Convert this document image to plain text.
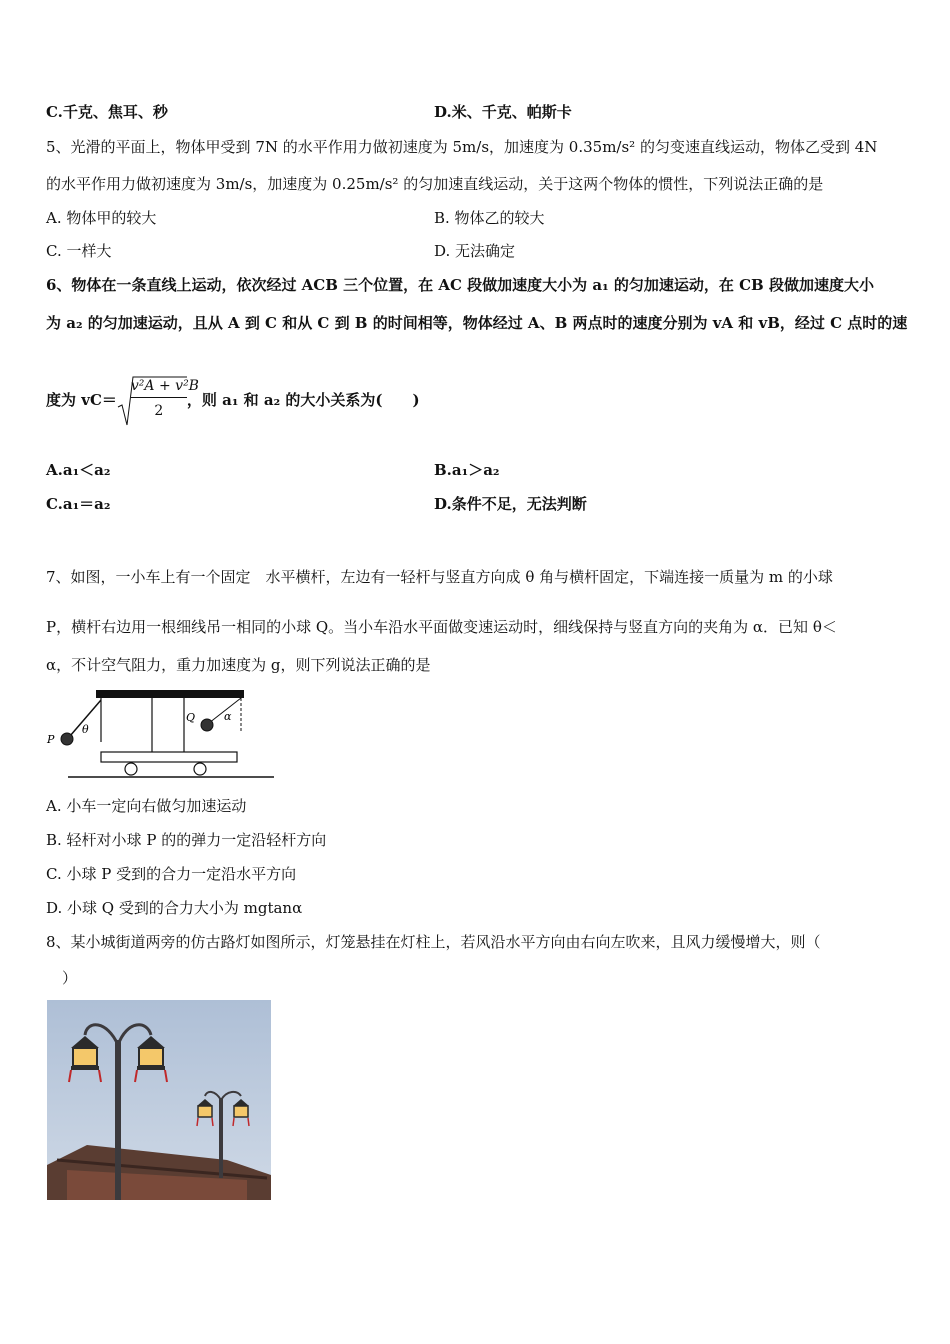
C.千克、焦耳、秒	D.米、千克、帕斯卡
5、光滑的平面上，物体甲受到 7N 的水平作用力做初速度为 5m/s，加速度为 0.35m/s² 的匀变速直线运动，物体乙受到 4N
的水平作用力做初速度为 3m/s，加速度为 0.25m/s² 的匀加速直线运动，关于这两个物体的惯性，下列说法正确的是
A. 物体甲的较大	B. 物体乙的较大
C. 一样大	D. 无法确定
6、物体在一条直线上运动，依次经过 ACB 三个位置，在 AC 段做加速度大小为 a₁ 的匀加速运动，在 CB 段做加速度大小
为 a₂ 的匀加速运动，且从 A 到 C 和从 C 到 B 的时间相等，物体经过 A、B 两点时的速度分别为 vA 和 vB，经过 C 点时的速
度为 $vC= \frac{\text{v²A + v²B}}{2}$ ，则 a₁ 和 a₂ 的大小关系为(　　)
A.a₁＜a₂	B.a₁＞a₂
C.a₁＝a₂	D.条件不足，无法判断
7、如图，一小车上有一个固定　水平横杆，左边有一轻杆与竖直方向成 θ 角与横杆固定，下端连接一质量为 m 的小球
P，横杆右边用一根细线吊一相同的小球 Q。当小车沿水平面做变速运动时，细线保持与竖直方向的夹角为 α．已知 θ＜
α，不计空气阻力，重力加速度为 g，则下列说法正确的是
P
Q
θ
α
A. 小车一定向右做匀加速运动
B. 轻杆对小球 P 的的弹力一定沿轻杆方向
C. 小球 P 受到的合力一定沿水平方向
D. 小球 Q 受到的合力大小为 mgtanα
8、某小城街道两旁的仿古路灯如图所示，灯笼悬挂在灯柱上，若风沿水平方向由右向左吹来，且风力缓慢增大，则（
）
